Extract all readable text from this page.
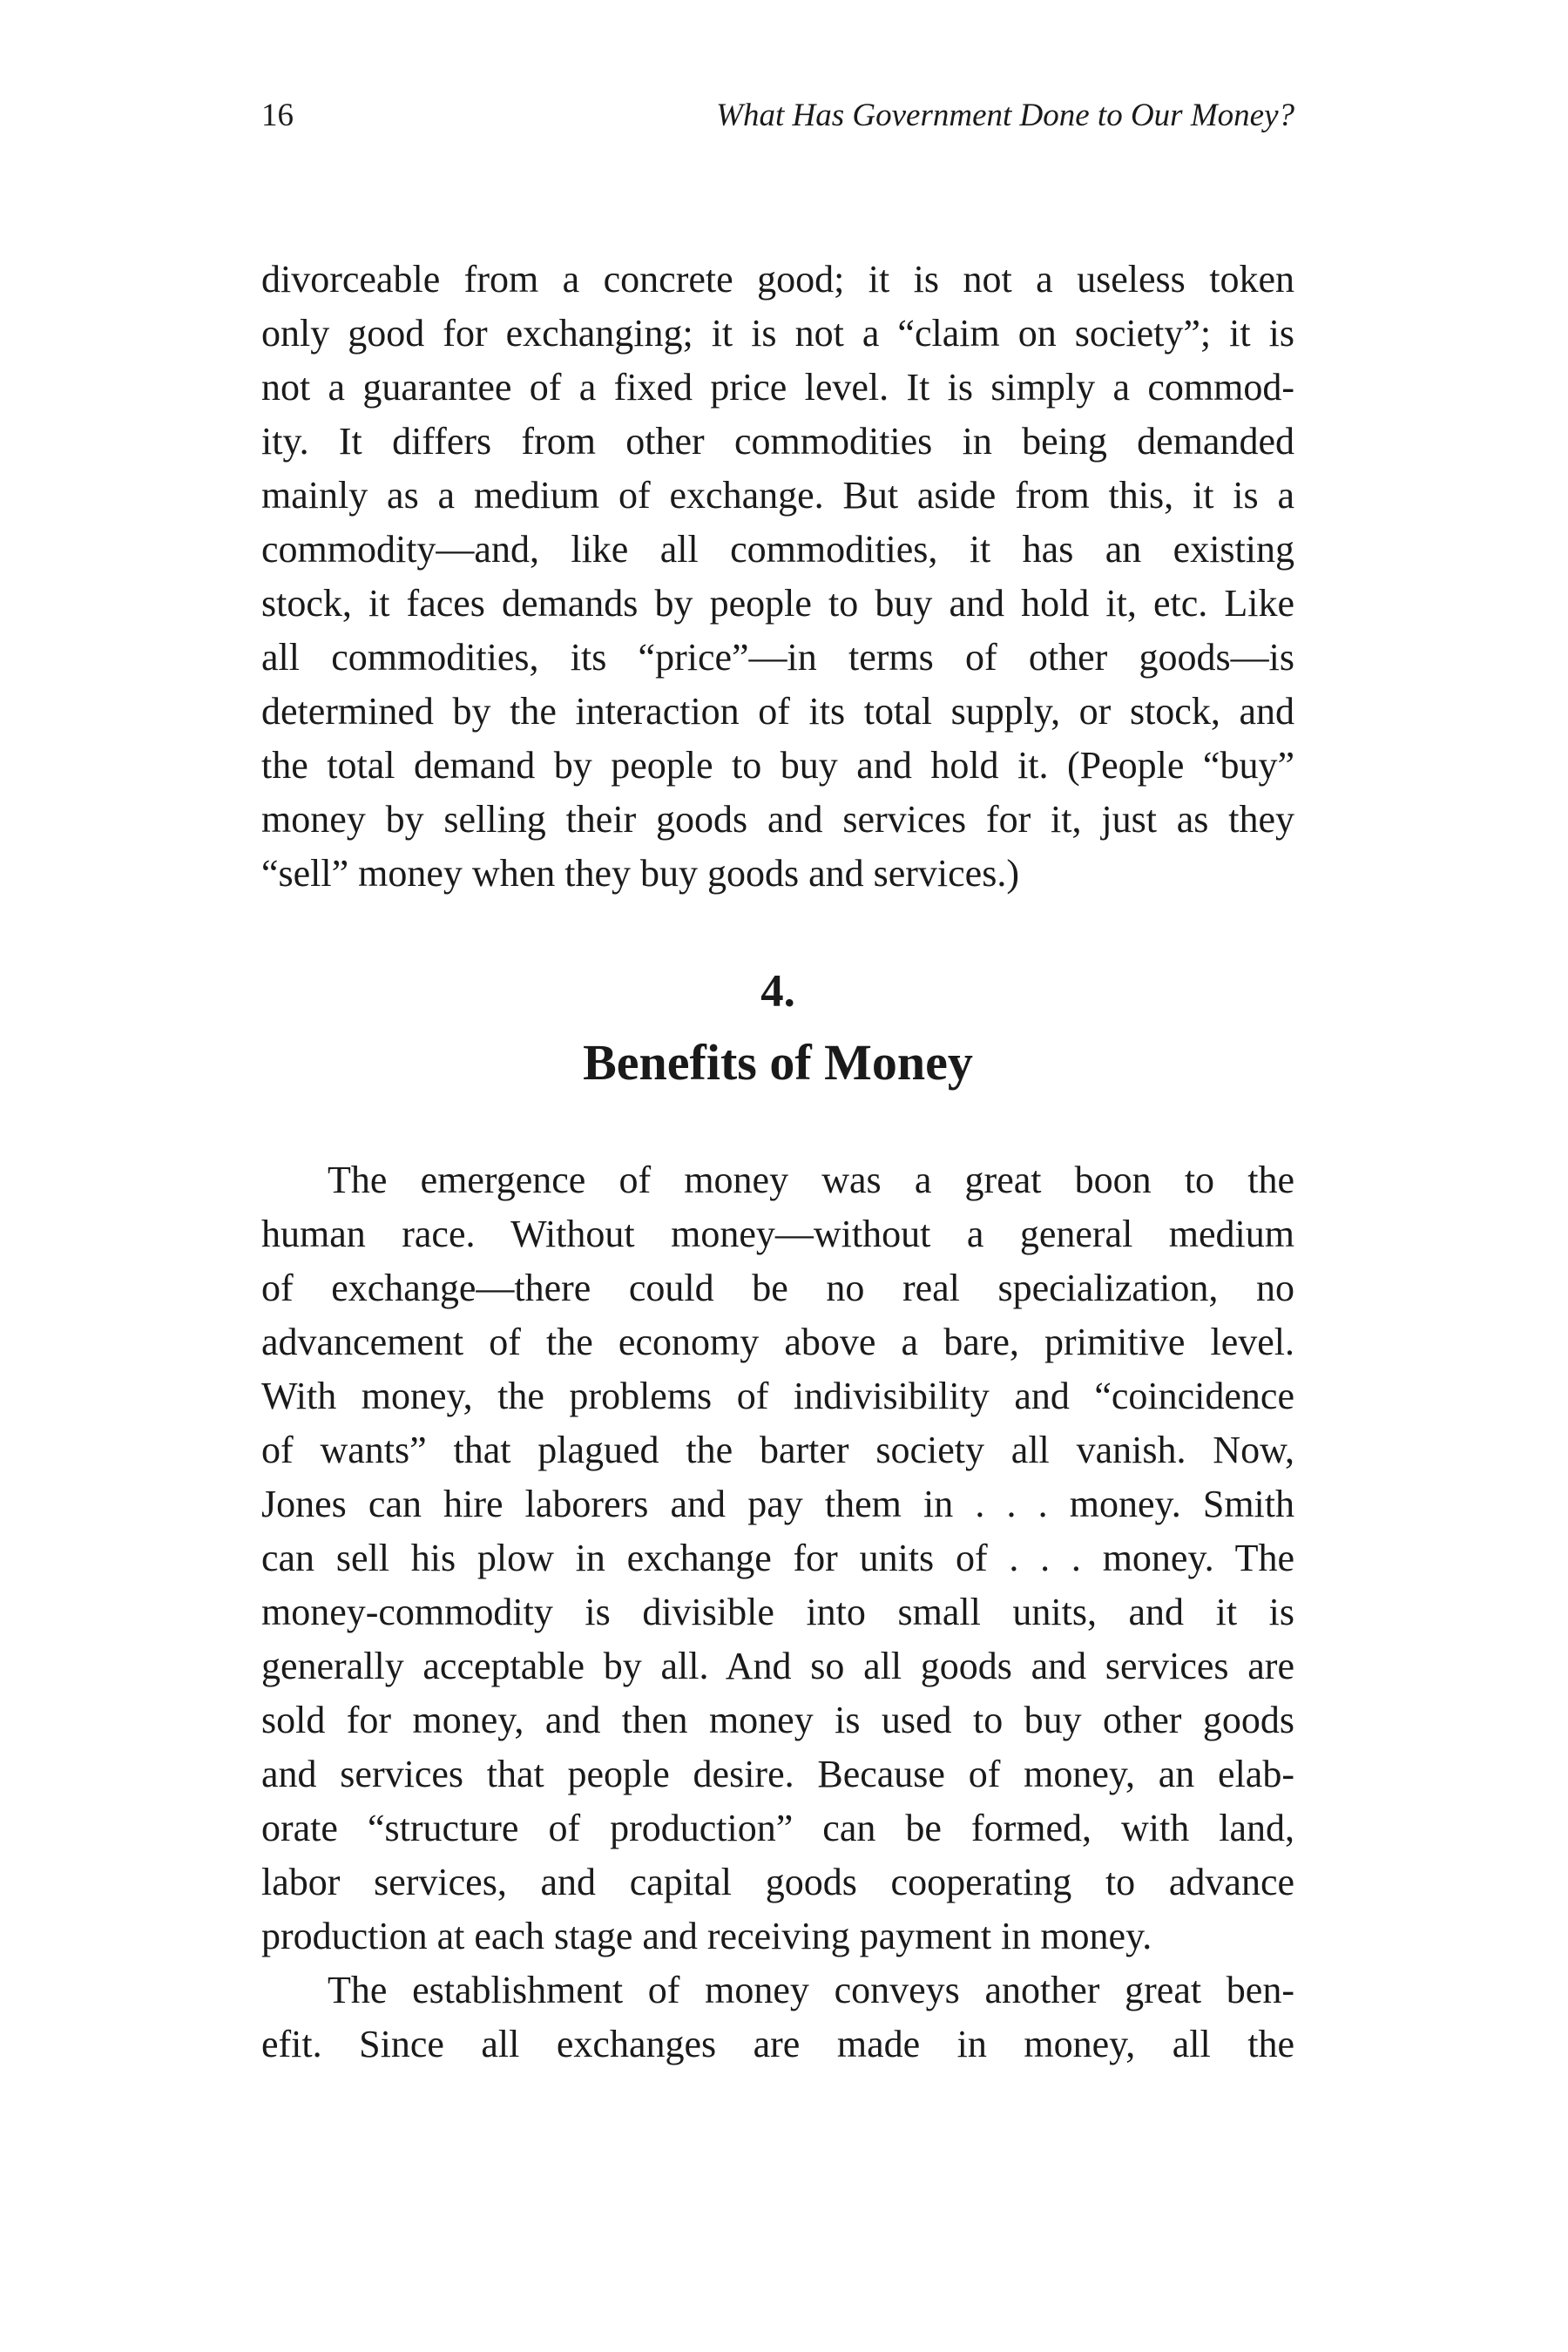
16	What Has Government Done to Our Money?
divorceable from a concrete good; it is not a useless token
only good for exchanging; it is not a “claim on society”; it is
not a guarantee of a fixed price level. It is simply a commod-
ity. It differs from other commodities in being demanded
mainly as a medium of exchange. But aside from this, it is a
commodity—and, like all commodities, it has an existing
stock, it faces demands by people to buy and hold it, etc. Like
all commodities, its “price”—in terms of other goods—is
determined by the interaction of its total supply, or stock, and
the total demand by people to buy and hold it. (People “buy”
money by selling their goods and services for it, just as they
“sell” money when they buy goods and services.)
4.
Benefits of Money
The emergence of money was a great boon to the
human race. Without money—without a general medium
of exchange—there could be no real specialization, no
advancement of the economy above a bare, primitive level.
With money, the problems of indivisibility and “coincidence
of wants” that plagued the barter society all vanish. Now,
Jones can hire laborers and pay them in . . . money. Smith
can sell his plow in exchange for units of . . . money. The
money-commodity is divisible into small units, and it is
generally acceptable by all. And so all goods and services are
sold for money, and then money is used to buy other goods
and services that people desire. Because of money, an elab-
orate “structure of production” can be formed, with land,
labor services, and capital goods cooperating to advance
production at each stage and receiving payment in money.
The establishment of money conveys another great ben-
efit. Since all exchanges are made in money, all the
